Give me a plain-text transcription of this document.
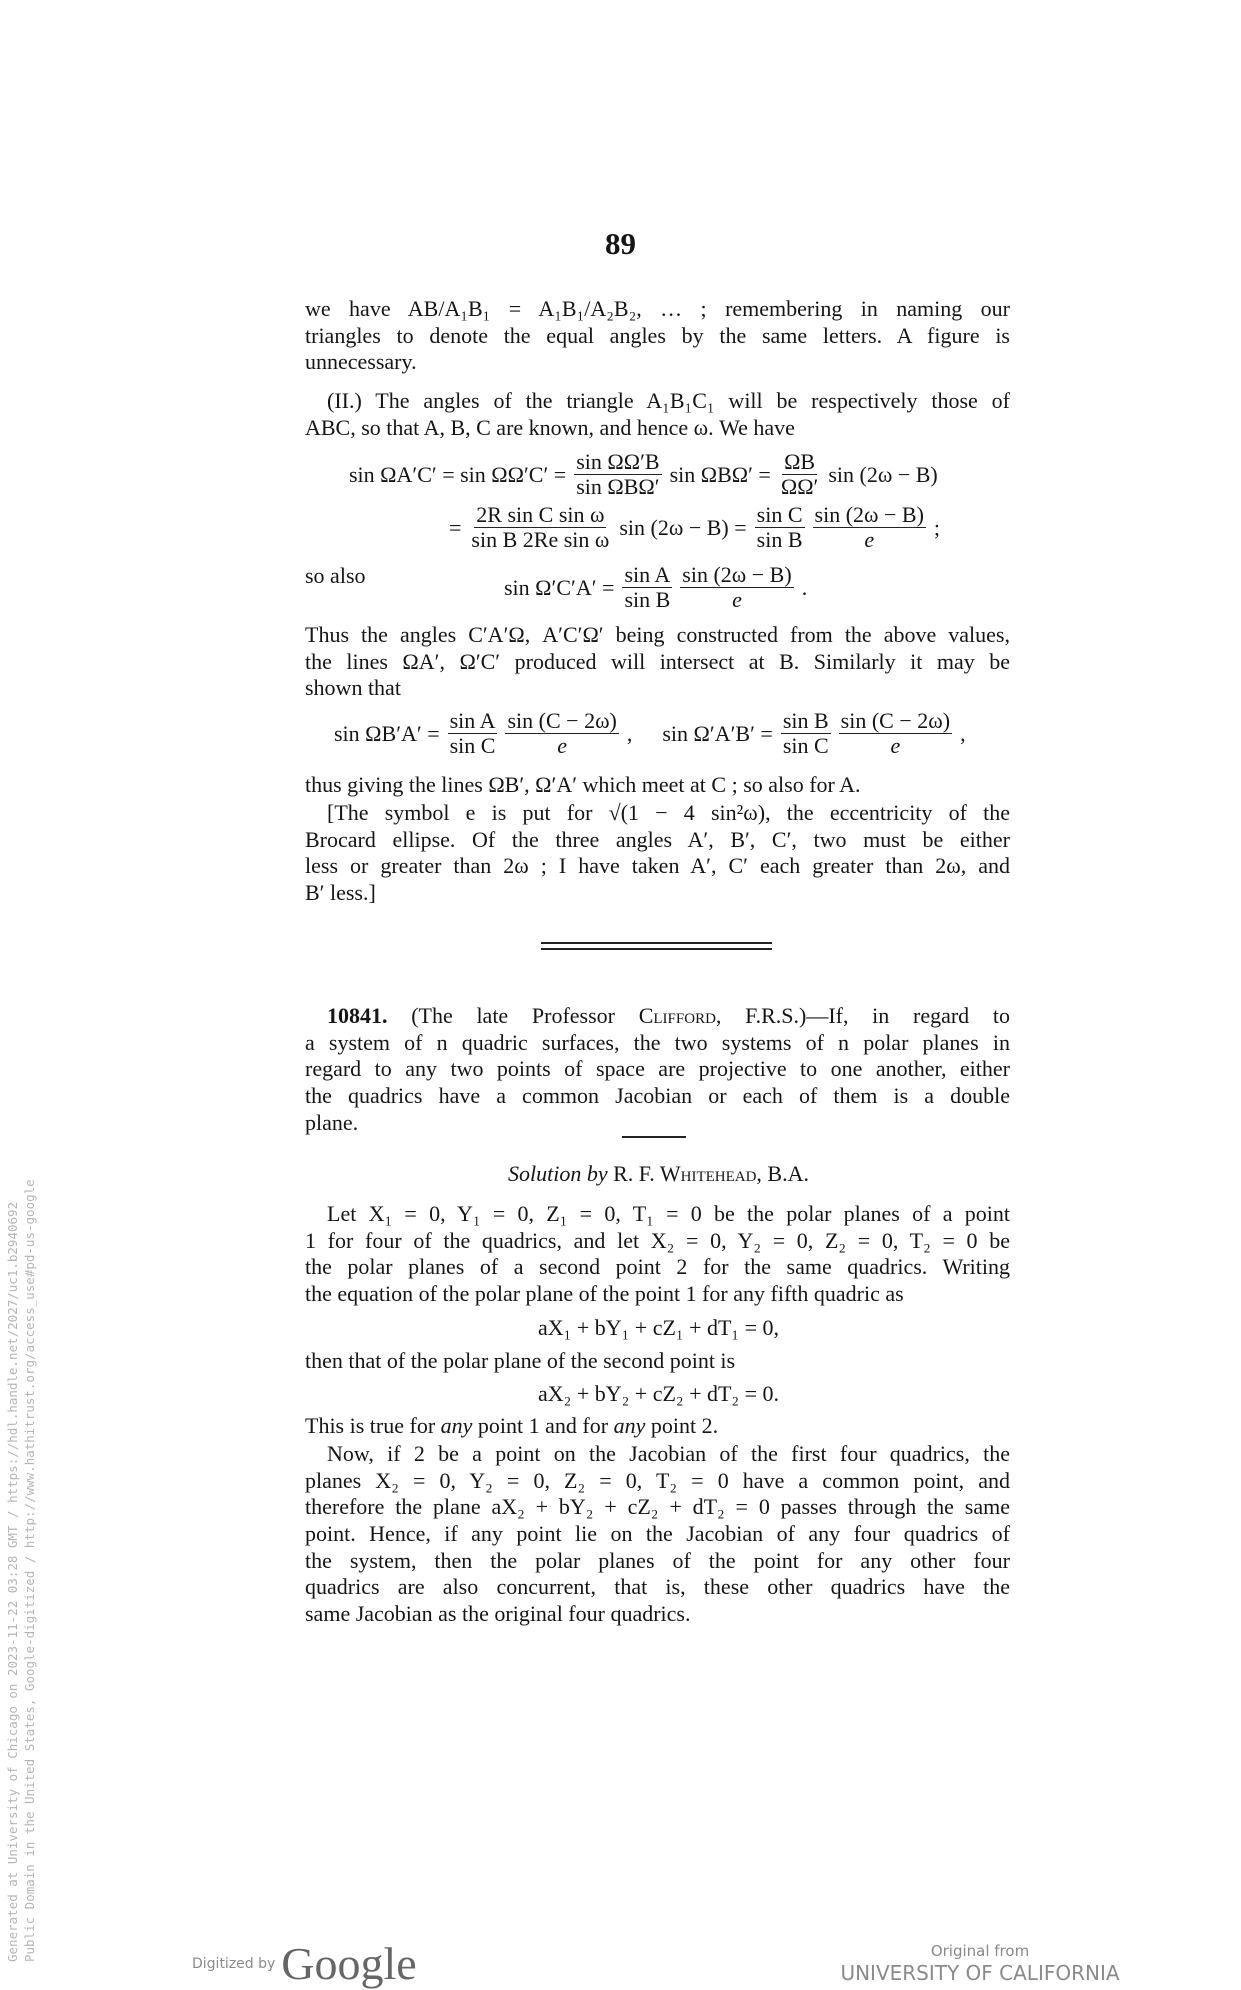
89
we have AB/A₁B₁ = A₁B₁/A₂B₂, … ; remembering in naming our
triangles to denote the equal angles by the same letters. A figure is
unnecessary.
(II.) The angles of the triangle A₁B₁C₁ will be respectively those of
ABC, so that A, B, C are known, and hence ω. We have
$\sin \Omega A'C' = \sin \Omega\Omega'C' = \frac{\text{sin ΩΩ′B}}{\text{sin ΩBΩ′}}$ $\sin \Omega B\Omega' = \frac{\Omega B}{\Omega\Omega'}$ sin (2ω − B)
= $\frac{\text{2R sin C sin ω}}{\text{sin B 2Re sin ω}}$ $\sin (2\omega - B) = \frac{\text{sin C}}{\text{sin B}} \frac{\sin (2\omega - B)}{e}$ ;
so also	$\sin \Omega'C'A' = \frac{\text{sin A}}{\text{sin B}} \frac{\sin (2\omega - B)}{e}$ .
Thus the angles C′A′Ω, A′C′Ω′ being constructed from the above values,
the lines ΩA′, Ω′C′ produced will intersect at B. Similarly it may be
shown that
$\sin \Omega B'A' = \frac{\text{sin A}}{\text{sin C}} \frac{\sin (C - 2\omega)}{e}$ , $\sin \Omega'A'B' = \frac{\text{sin B}}{\text{sin C}} \frac{\sin (C - 2\omega)}{e}$ ,
thus giving the lines ΩB′, Ω′A′ which meet at C ; so also for A.
[The symbol e is put for √(1 − 4 sin²ω), the eccentricity of the
Brocard ellipse. Of the three angles A′, B′, C′, two must be either
less or greater than 2ω ; I have taken A′, C′ each greater than 2ω, and
B′ less.]
10841. (The late Professor Clifford, F.R.S.)—If, in regard to
a system of n quadric surfaces, the two systems of n polar planes in
regard to any two points of space are projective to one another, either
the quadrics have a common Jacobian or each of them is a double
plane.
Solution by R. F. Whitehead, B.A.
Let X₁ = 0, Y₁ = 0, Z₁ = 0, T₁ = 0 be the polar planes of a point
1 for four of the quadrics, and let X₂ = 0, Y₂ = 0, Z₂ = 0, T₂ = 0 be
the polar planes of a second point 2 for the same quadrics. Writing
the equation of the polar plane of the point 1 for any fifth quadric as
aX₁ + bY₁ + cZ₁ + dT₁ = 0,
then that of the polar plane of the second point is
aX₂ + bY₂ + cZ₂ + dT₂ = 0.
This is true for any point 1 and for any point 2.
Now, if 2 be a point on the Jacobian of the first four quadrics, the
planes X₂ = 0, Y₂ = 0, Z₂ = 0, T₂ = 0 have a common point, and
therefore the plane aX₂ + bY₂ + cZ₂ + dT₂ = 0 passes through the same
point. Hence, if any point lie on the Jacobian of any four quadrics of
the system, then the polar planes of the point for any other four
quadrics are also concurrent, that is, these other quadrics have the
same Jacobian as the original four quadrics.
Generated at University of Chicago on 2023-11-22 03:28 GMT / https://hdl.handle.net/2027/uc1.b2940692 Public Domain in the United States, Google-digitized / http://www.hathitrust.org/access_use#pd-us-google
Digitized by Google	Original from
UNIVERSITY OF CALIFORNIA
